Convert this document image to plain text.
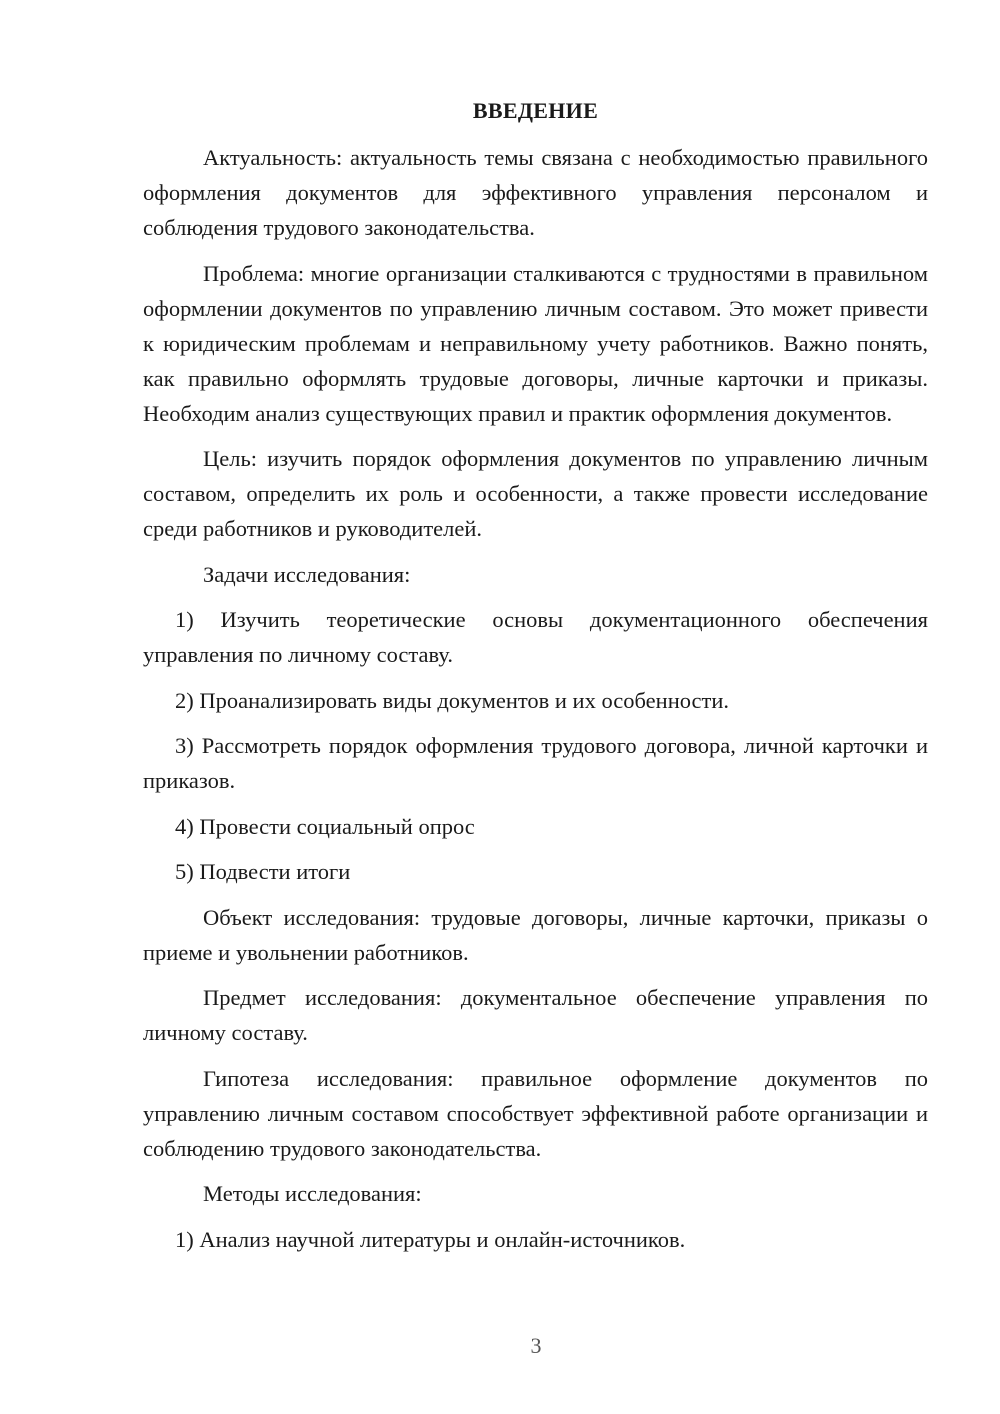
ВВЕДЕНИЕ

Актуальность: актуальность темы связана с необходимостью правильного оформления документов для эффективного управления персоналом и соблюдения трудового законодательства.

Проблема: многие организации сталкиваются с трудностями в правильном оформлении документов по управлению личным составом. Это может привести к юридическим проблемам и неправильному учету работников. Важно понять, как правильно оформлять трудовые договоры, личные карточки и приказы. Необходим анализ существующих правил и практик оформления документов.

Цель: изучить порядок оформления документов по управлению личным составом, определить их роль и особенности, а также провести исследование среди работников и руководителей.

Задачи исследования:

1) Изучить теоретические основы документационного обеспечения управления по личному составу.

2) Проанализировать виды документов и их особенности.

3) Рассмотреть порядок оформления трудового договора, личной карточки и приказов.

4) Провести социальный опрос

5) Подвести итоги

Объект исследования: трудовые договоры, личные карточки, приказы о приеме и увольнении работников.

Предмет исследования: документальное обеспечение управления по личному составу.

Гипотеза исследования: правильное оформление документов по управлению личным составом способствует эффективной работе организации и соблюдению трудового законодательства.

Методы исследования:

1) Анализ научной литературы и онлайн-источников.

3
